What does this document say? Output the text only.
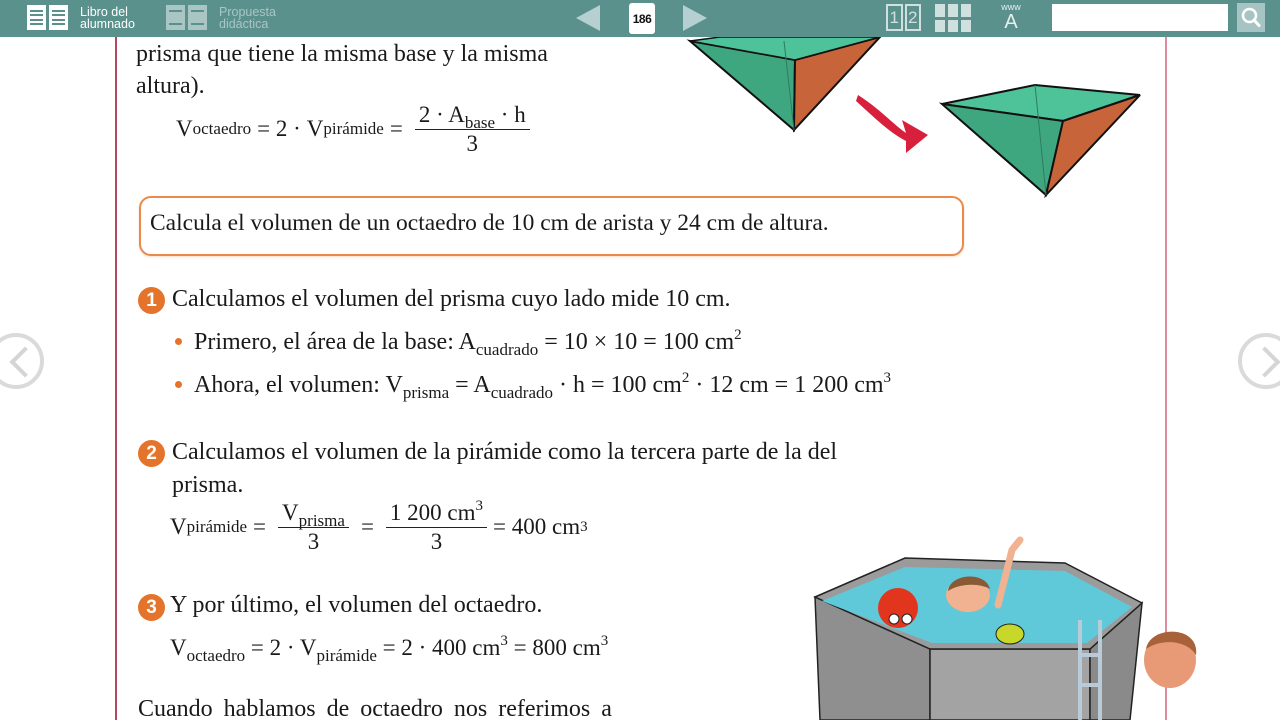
Libro del
alumnado
Propuesta
didáctica	186	1 2
www
A
prisma que tiene la misma base y la misma
altura).
V octaedro = 2 · V pirámide = $\frac{2 \cdot A_{base} \cdot h}{3}$
Calcula el volumen de un octaedro de 10 cm de arista y 24 cm de altura.
1 Calculamos el volumen del prisma cuyo lado mide 10 cm.
Primero, el área de la base: $A_{cuadrado} = 10 \times 10 = 100$ $cm^2$
Ahora, el volumen: $V_{prisma} = A_{cuadrado} \cdot h = 100$ $cm^2 \cdot 12$ cm = 1 200 $cm^3$
2 Calculamos el volumen de la pirámide como la tercera parte de la del
prisma.
V pirámide = $\frac{V_{prisma}}{3} = \frac{1 200 cm^3}{3} = 400$ cm 3
3 Y por último, el volumen del octaedro.
$V_{octaedro} = 2 \cdot V_{pirámide} = 2 \cdot 400$ $cm^3 = 800$ $cm^3$
Cuando hablamos de octaedro nos referimos a
